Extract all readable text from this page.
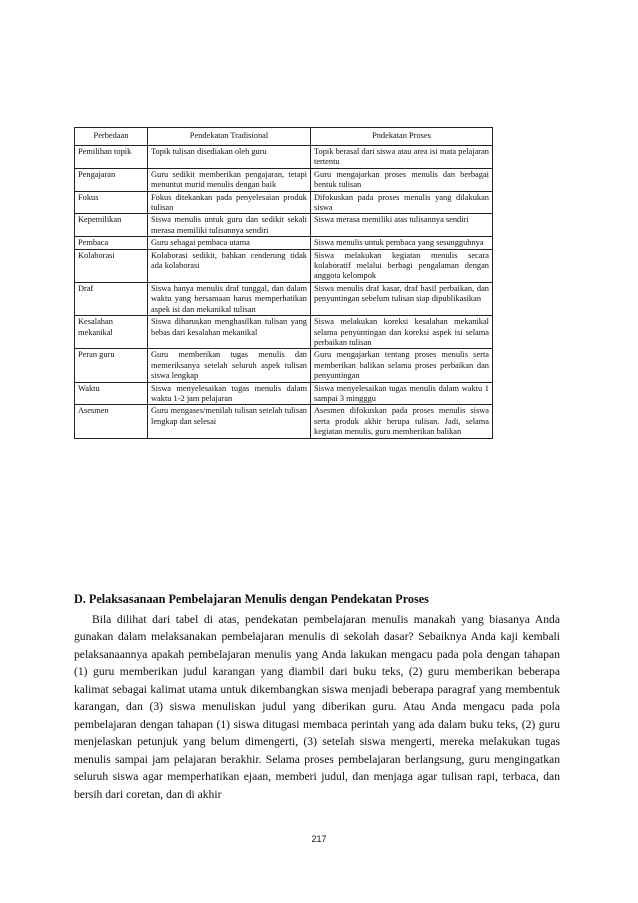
Perbedaan	Pendekatan Tradisional	Pndekatan Proses
Pemilihan topik	Topik tulisan disediakan oleh guru	Topik berasal dari siswa atau area isi mata pelajaran tertentu
Pengajaran	Guru sedikit memberikan pengajaran, tetapi menuntut murid menulis dengan baik	Guru mengajarkan proses menulis dan berbagai bentuk tulisan
Fokus	Fokus ditekankan pada penyelesaian produk tulisan	Difokuskan pada proses menulis yang dilakukan siswa
Kepemilikan	Siswa menulis untuk guru dan sedikit sekali merasa memiliki tulisannya sendiri	Siswa merasa memiliki atas tulisannya sendiri
Pembaca	Guru sebagai pembaca utama	Siswa menulis untuk pembaca yang sesungguhnya
Kolaborasi	Kolaborasi sedikit, bahkan cenderung tidak ada kolaborasi	Siswa melakukan kegiatan menulis secara kolaboratif melalui berbagi pengalaman dengan anggota kelompok
Draf	Siswa hanya menulis draf tunggal, dan dalam waktu yang bersamaan harus memperhatikan aspek isi dan mekanikal tulisan	Siswa menulis draf kasar, draf hasil perbaikan, dan penyuntingan sebelum tulisan siap dipublikasikan
Kesalahan mekanikal	Siswa diharuskan menghasilkan tulisan yang bebas dari kesalahan mekanikal	Siswa melakukan koreksi kesalahan mekanikal selama penyuntingan dan koreksi aspek isi selama perbaikan tulisan
Peran guru	Guru memberikan tugas menulis dan memeriksanya setelah seluruh aspek tulisan siswa lengkap	Guru mengajarkan tentang proses menulis serta memberikan balikan selama proses perbaikan dan penyuntingan
Waktu	Siswa menyelesaikan tugas menulis dalam waktu 1-2 jam pelajaran	Siswa menyelesaikan tugas menulis dalam waktu 1 sampai 3 mingggu
Asesmen	Guru mengases/menilah tulisan setelah tulisan lengkap dan selesai	Asesmen difokuskan pada proses menulis siswa serta produk akhir berupa tulisan. Jadi, selama kegiatan menulis, guru memberikan balikan
D. Pelaksasanaan Pembelajaran Menulis dengan Pendekatan Proses

Bila dilihat dari tabel di atas, pendekatan pembelajaran menulis manakah yang biasanya Anda gunakan dalam melaksanakan pembelajaran menulis di sekolah dasar? Sebaiknya Anda kaji kembali pelaksanaannya apakah pembelajaran menulis yang Anda lakukan mengacu pada pola dengan tahapan (1) guru memberikan judul karangan yang diambil dari buku teks, (2) guru memberikan beberapa kalimat sebagai kalimat utama untuk dikembangkan siswa menjadi beberapa paragraf yang membentuk karangan, dan (3) siswa menuliskan judul yang diberikan guru. Atau Anda mengacu pada pola pembelajaran dengan tahapan (1) siswa ditugasi membaca perintah yang ada dalam buku teks, (2) guru menjelaskan petunjuk yang belum dimengerti, (3) setelah siswa mengerti, mereka melakukan tugas menulis sampai jam pelajaran berakhir. Selama proses pembelajaran berlangsung, guru mengingatkan seluruh siswa agar memperhatikan ejaan, memberi judul, dan menjaga agar tulisan rapi, terbaca, dan bersih dari coretan, dan di akhir

217
